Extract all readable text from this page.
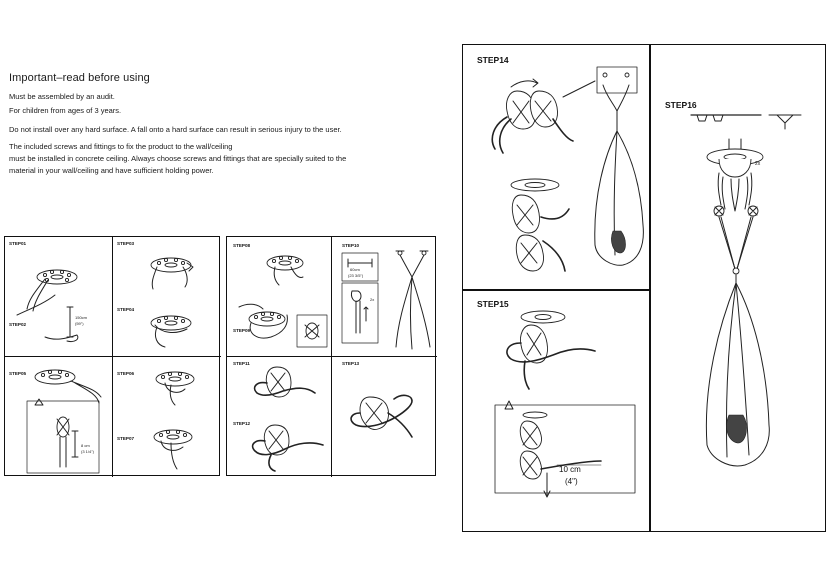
Important–read before using
Must be assembled by an audit.
For children from ages of 3 years.
Do not install over any hard surface. A fall onto a hard surface can result in serious injury to the user.
The included screws and fittings to fix the product to the wall/ceiling
must be installed in concrete ceiling. Always choose screws and fittings that are specially suited to the
material in your wall/ceiling and have sufficient holding power.
STEP01
150cm
(59")
STEP02
STEP03
STEP04
STEP05
8 cm
(3 1/4")
STEP06
STEP07
STEP08
STEP09
STEP10
60cm
(23 3/5")
2x
STEP11
STEP12
STEP13
STEP14
STEP15
10 cm
(4")
STEP16
2x
